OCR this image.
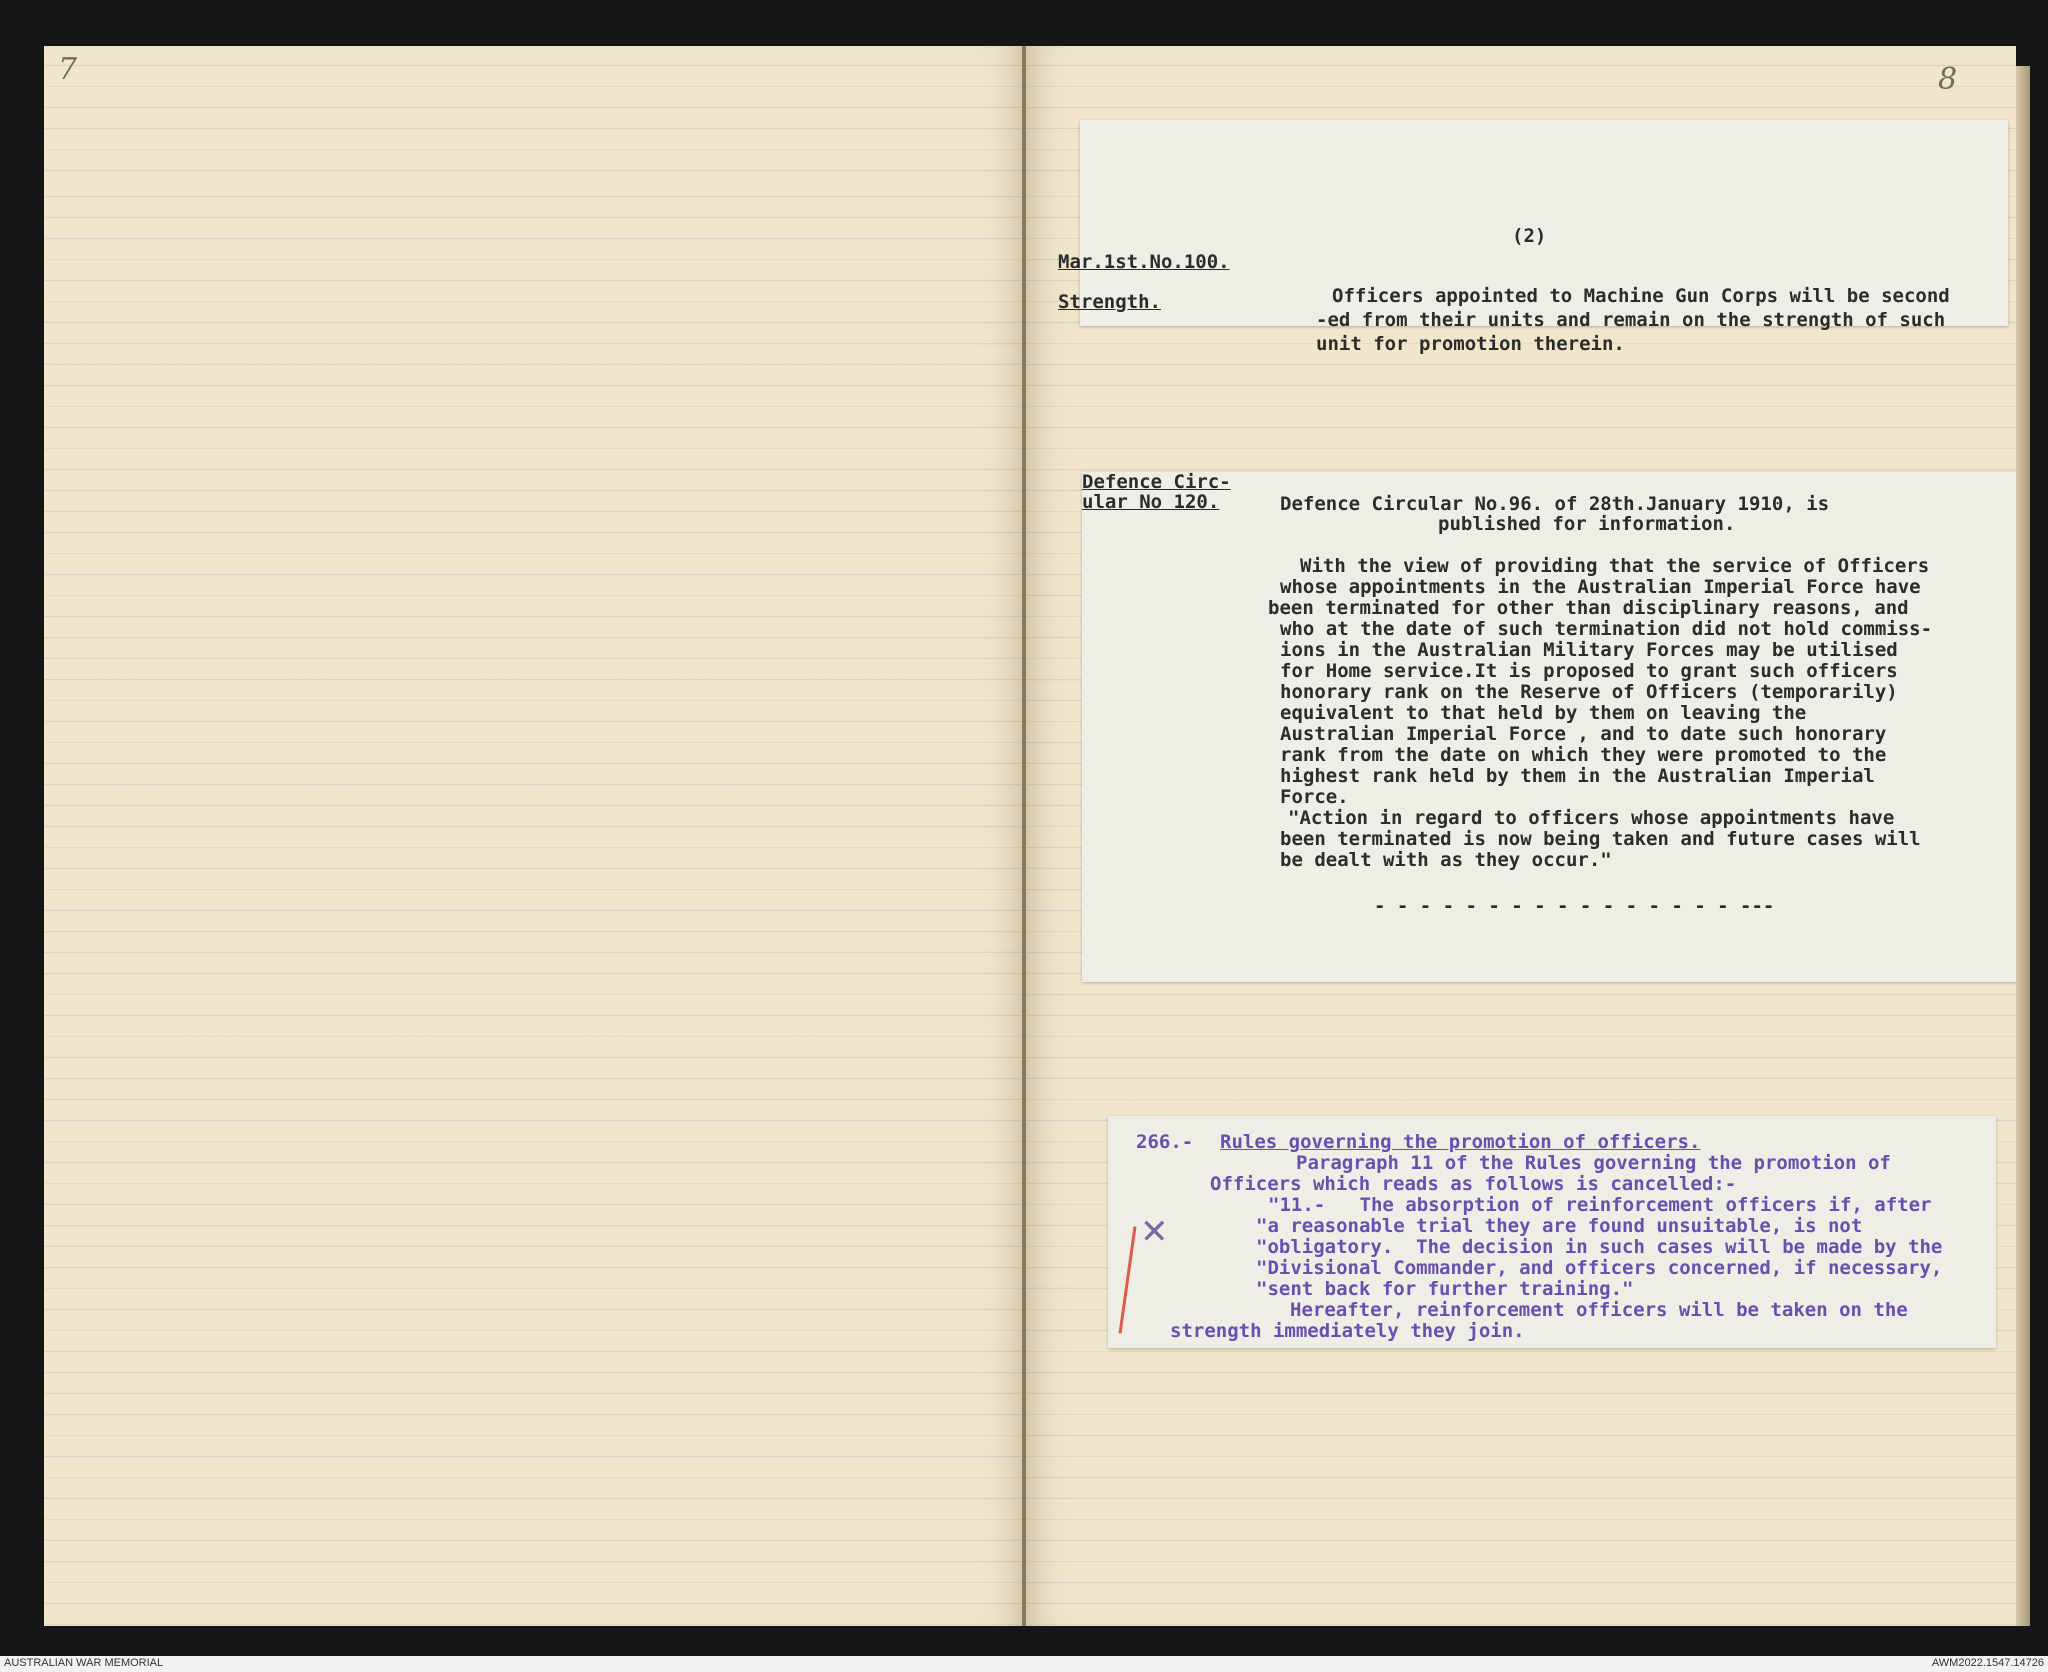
7	8
(2)
Mar.1st.No.100.
Strength.	Officers appointed to Machine Gun Corps will be second
-ed from their units and remain on the strength of such
unit for promotion therein.
Defence Circular No.96. of 28th.January 1910, is
published for information.
With the view of providing that the service of Officers
whose appointments in the Australian Imperial Force have
been terminated for other than disciplinary reasons, and
who at the date of such termination did not hold commiss-
ions in the Australian Military Forces may be utilised
for Home service.It is proposed to grant such officers
honorary rank on the Reserve of Officers (temporarily)
equivalent to that held by them on leaving the
Australian Imperial Force , and to date such honorary
rank from the date on which they were promoted to the
highest rank held by them in the Australian Imperial
Force.
"Action in regard to officers whose appointments have
been terminated is now being taken and future cases will
be dealt with as they occur."
- - - - - - - - - - - - - - - - ---
Defence Circ-
ular No 120.
266.- Rules governing the promotion of officers.
Paragraph 11 of the Rules governing the promotion of
Officers which reads as follows is cancelled:-
"11.-   The absorption of reinforcement officers if, after
"a reasonable trial they are found unsuitable, is not
"obligatory.  The decision in such cases will be made by the
"Divisional Commander, and officers concerned, if necessary,
"sent back for further training."
Hereafter, reinforcement officers will be taken on the
strength immediately they join.
✕
AUSTRALIAN WAR MEMORIAL	AWM2022.1547.14726
